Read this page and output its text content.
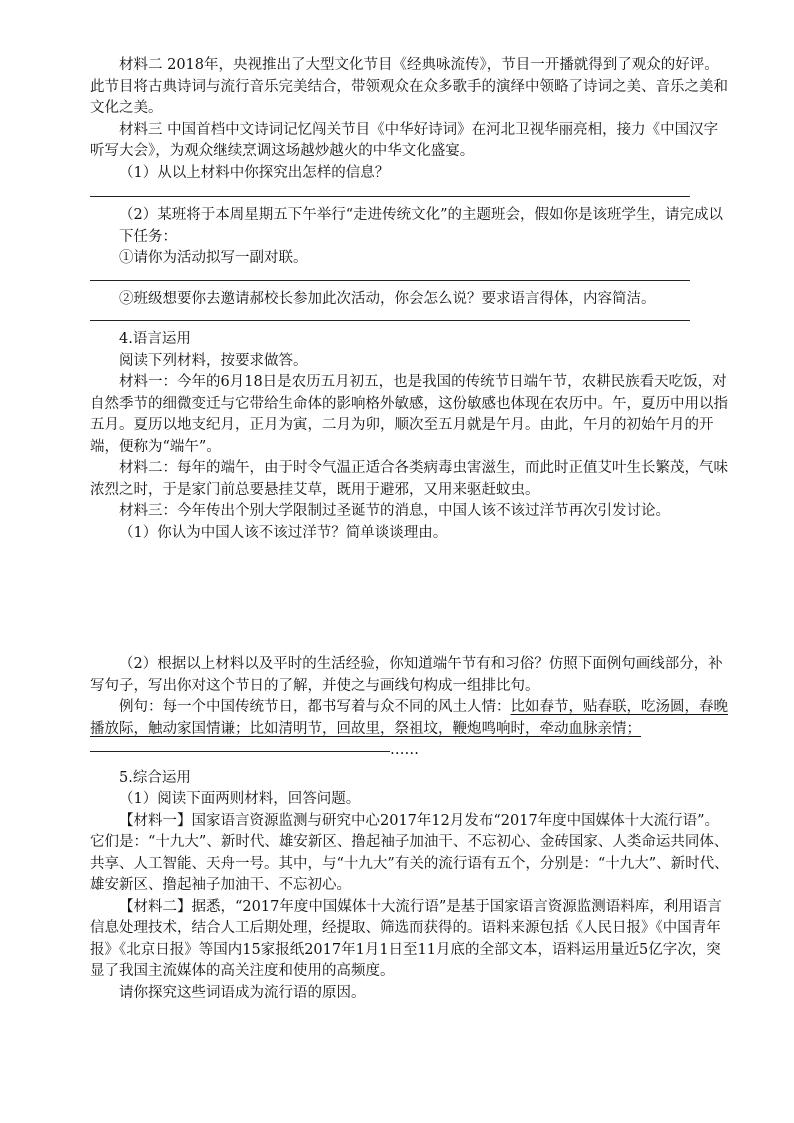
材料二 2018年，央视推出了大型文化节目《经典咏流传》，节目一开播就得到了观众的好评。此节目将古典诗词与流行音乐完美结合，带领观众在众多歌手的演绎中领略了诗词之美、音乐之美和文化之美。

材料三 中国首档中文诗词记忆闯关节目《中华好诗词》在河北卫视华丽亮相，接力《中国汉字听写大会》，为观众继续烹调这场越炒越火的中华文化盛宴。

（1）从以上材料中你探究出怎样的信息？

（2）某班将于本周星期五下午举行“走进传统文化”的主题班会，假如你是该班学生，请完成以下任务：

①请你为活动拟写一副对联。

②班级想要你去邀请郝校长参加此次活动，你会怎么说？要求语言得体，内容简洁。

4.语言运用

阅读下列材料，按要求做答。

材料一：今年的6月18日是农历五月初五，也是我国的传统节日端午节，农耕民族看天吃饭，对自然季节的细微变迁与它带给生命体的影响格外敏感，这份敏感也体现在农历中。午，夏历中用以指五月。夏历以地支纪月，正月为寅，二月为卯，顺次至五月就是午月。由此，午月的初始午月的开端，便称为“端午”。

材料二：每年的端午，由于时令气温正适合各类病毒虫害滋生，而此时正值艾叶生长繁茂，气味浓烈之时，于是家门前总要悬挂艾草，既用于避邪，又用来驱赶蚊虫。

材料三：今年传出个别大学限制过圣诞节的消息，中国人该不该过洋节再次引发讨论。

（1）你认为中国人该不该过洋节？简单谈谈理由。

（2）根据以上材料以及平时的生活经验，你知道端午节有和习俗？仿照下面例句画线部分，补写句子，写出你对这个节日的了解，并使之与画线句构成一组排比句。

例句：每一个中国传统节日，都书写着与众不同的风土人情：比如春节，贴春联，吃汤圆，春晚播放际，触动家国情谦；比如清明节，回故里，祭祖坟，鞭炮鸣响时，牵动血脉亲情；……

5.综合运用

（1）阅读下面两则材料，回答问题。

【材料一】国家语言资源监测与研究中心2017年12月发布“2017年度中国媒体十大流行语”。它们是：“十九大”、新时代、雄安新区、撸起袖子加油干、不忘初心、金砖国家、人类命运共同体、共享、人工智能、天舟一号。其中，与“十九大”有关的流行语有五个，分别是：“十九大”、新时代、雄安新区、撸起袖子加油干、不忘初心。

【材料二】据悉，“2017年度中国媒体十大流行语”是基于国家语言资源监测语料库，利用语言信息处理技术，结合人工后期处理，经提取、筛选而获得的。语料来源包括《人民日报》《中国青年报》《北京日报》等国内15家报纸2017年1月1日至11月底的全部文本，语料运用量近5亿字次，突显了我国主流媒体的高关注度和使用的高频度。

请你探究这些词语成为流行语的原因。
